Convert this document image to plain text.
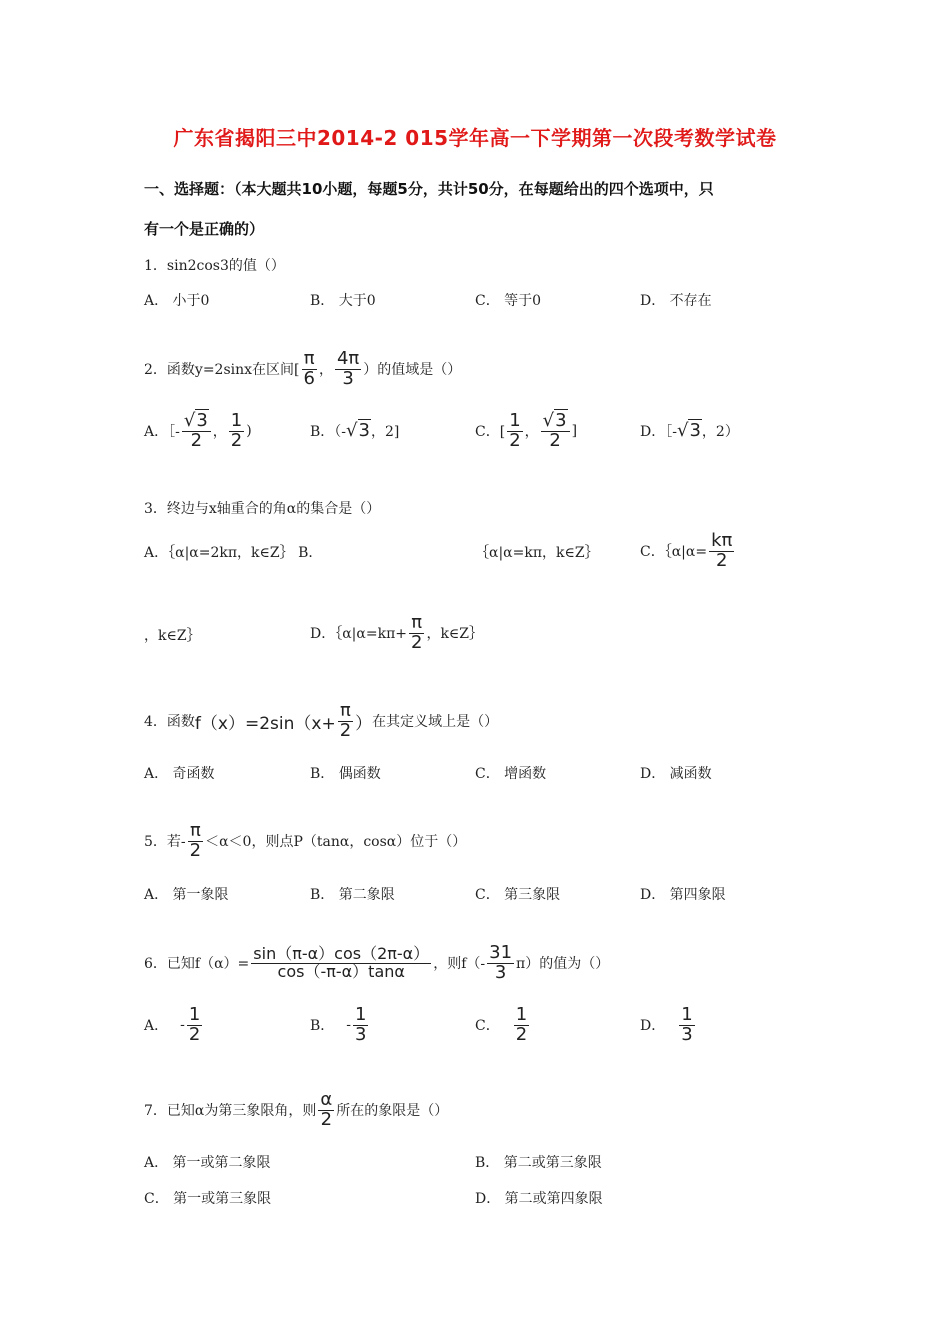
广东省揭阳三中2014-2 015学年高一下学期第一次段考数学试卷
一、选择题：（本大题共10小题，每题5分，共计50分，在每题给出的四个选项中，只
有一个是正确的）
1．sin2cos3的值（）
A． 小于0	B． 大于0	C． 等于0	D． 不存在
2．函数y=2sinx在区间[ $\frac{\pi}{6}$ ， $\frac{4\pi}{3}$ ）的值域是（）
A．［- $\frac{√3}{2}$ ， $\frac{1}{2}$ )	B．（- √3 ，2]	C．[ $\frac{1}{2}$ ， $\frac{√3}{2}$ ]	D．［- √3 ，2）
3．终边与x轴重合的角α的集合是（）
A．｛α|α=2kπ，k∈Z｝ B．	｛α|α=kπ，k∈Z｝	C．｛α|α= $\frac{k\pi}{2}$
，k∈Z｝	D．｛α|α=kπ+ $\frac{\pi}{2}$ ，k∈Z｝
4．函数 $f(x)=2\sin(x+ \frac{\pi}{2}$ ） 在其定义域上是（）
A． 奇函数	B． 偶函数	C． 增函数	D． 减函数
5．若- $\frac{\pi}{2} <\alpha<0$，则点P（tanα，cosα）位于（）
A． 第一象限	B． 第二象限	C． 第三象限	D． 第四象限
6．已知$f(\alpha)= \frac{\sin(\pi-\alpha)\cos(2\pi-\alpha)}{\cos(-\pi-\alpha)\tan\alpha}$ ，则$f(- \frac{31}{3} \pi)$的值为（）
A． - $\frac{1}{2}$	B． - $\frac{1}{3}$	C． $\frac{1}{2}$	D． $\frac{1}{3}$
7．已知α为第三象限角，则 $\frac{\alpha}{2}$ 所在的象限是（）
A． 第一或第二象限	B． 第二或第三象限
C． 第一或第三象限	D． 第二或第四象限
